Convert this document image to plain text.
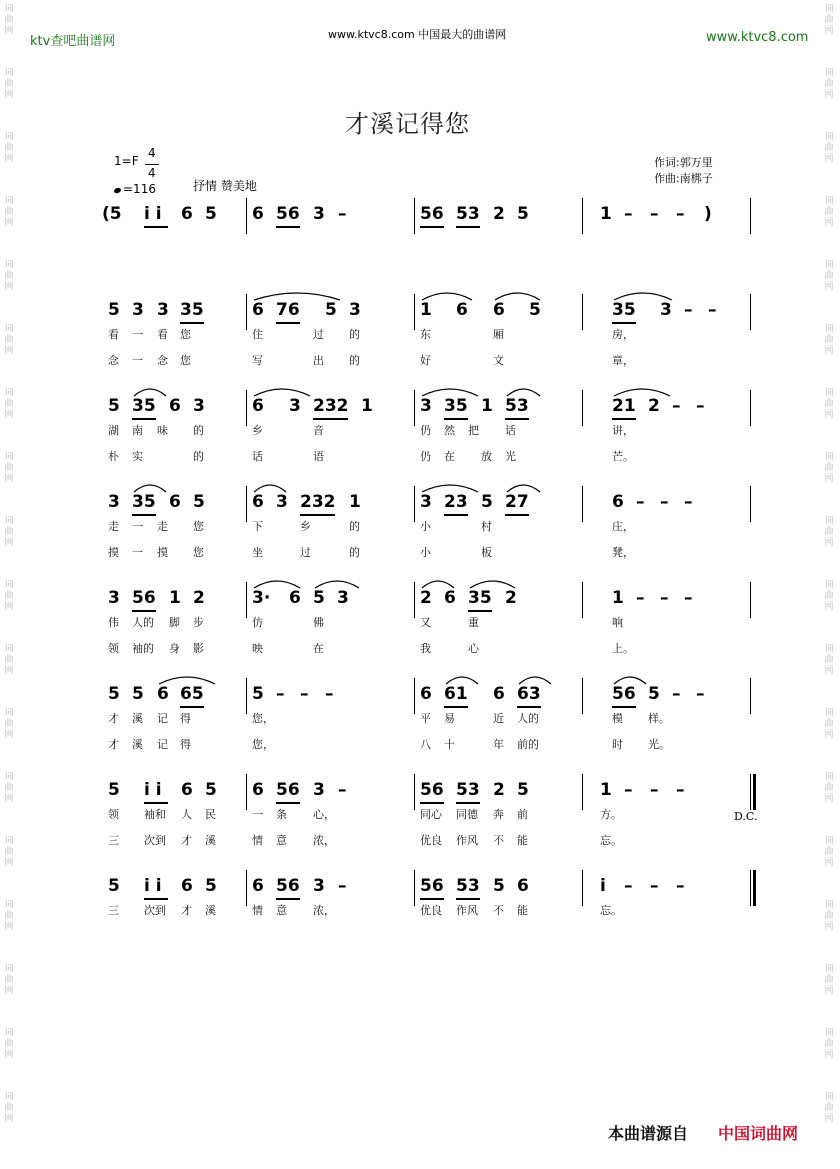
ktv查吧曲谱网	www.ktvc8.com 中国最大的曲谱网	www.ktvc8.com
才溪记得您
1=F
4
4
=116	抒情 赞美地
作词:郭万里
作曲:南梆子
(5 i i 6 5 6 56 3 –	56 53 2 5	1 – – – )
5 3 3 35	6 76 5 3	1 6 6 5	35 3 – –
看 一 看 您	住	过 的	东	厢	房，
念 一 念 您	写	出 的	好	文	章，
5 35 6 3	6 3 232 1	3 35 1 53	21 2 – –
湖 南 味 的	乡	音	仍 然 把 话	讲，
朴 实	的	话	语	仍 在 放 光	芒。
3 35 6 5	6 3 232 1	3 23 5 27	6 – – –
走 一 走 您	下	乡	的	小	村	庄，
摸 一 摸 您	坐	过	的	小	板	凳，
3 56 1 2	3· 6 5 3	2 6 35 2	1 – – –
伟 人的 脚 步	仿	佛	又	重	响
领 袖的 身 影	映	在	我	心	上。
5 5 6 65	5 – – –	6 61 6 63	56 5 – –
才 溪 记 得	您，	平 易	近 人的	模 样。
才 溪 记 得	您，	八 十	年 前的	时 光。
5 i i 6 5 6 56 3 –	56 53 2 5	1 – – –
领 袖和 人 民	一 条 心，	同心 同德 奔 前	方。
三 次到 才 溪	情 意 浓，	优良 作风 不 能	忘。
5 i i 6 5 6 56 3 –	56 53 5 6	i – – –
三 次到 才 溪	情 意 浓，	优良 作风 不 能	忘。
D.C.
词
曲
网
词
曲
网
词
曲
网
词
曲
网
词
曲
网
词
曲
网
词
曲
网
词
曲
网
词
曲
网
词
曲
网
词
曲
网
词
曲
网
词
曲
网
词
曲
网
词
曲
网
词
曲
网
词
曲
网
词
曲
网
词
曲
网
词
曲
网
词
曲
网
词
曲
网
词
曲
网
词
曲
网
词
曲
网
词
曲
网
词
曲
网
词
曲
网
词
曲
网
词
曲
网
词
曲
网
词
曲
网
词
曲
网
词
曲
网
词
曲
网
词
曲
网
本曲谱源自 中国词曲网
